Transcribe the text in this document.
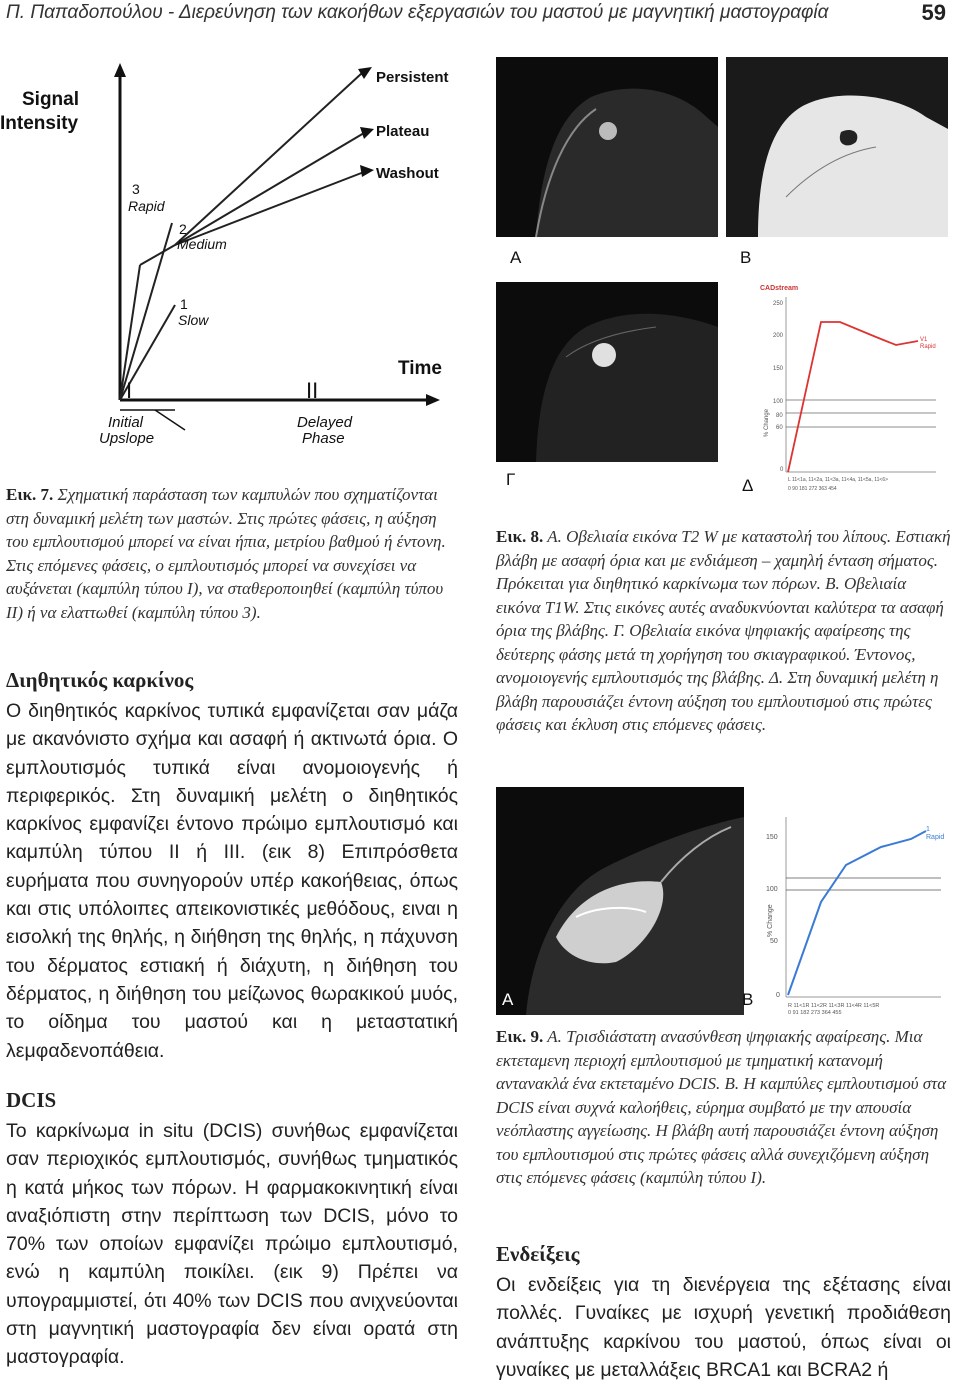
Π. Παπαδοπούλου - Διερεύνηση των κακοήθων εξεργασιών του μαστού με μαγνητική μαστογραφία	59
Signal
Intensity
Time
Persistent
Plateau
Washout
3
Rapid
2
Medium
1
Slow
I	II
Initial
Upslope
Delayed
Phase
Α	Β
CADstream
250
200
150
100
80
60
0
% Change
V1
Rapid
L 11<1a, 11<2a, 11<3a, 11<4a, 11<5a, 11<6>
0 90 181 272 363 454
Γ	Δ
Α
150
100
50
0
% Change
1
Rapid
R 11<1R 11<2R 11<3R 11<4R 11<5R
0 91 182 273 364 455
Β
Εικ. 7. Σχηματική παράσταση των καμπυλών που σχηματίζονται στη δυναμική μελέτη των μαστών. Στις πρώτες φάσεις, η αύξηση του εμπλουτισμού μπορεί να είναι ήπια, μετρίου βαθμού ή έντονη. Στις επόμενες φάσεις, ο εμπλουτισμός μπορεί να συνεχίσει να αυξάνεται (καμπύλη τύπου Ι), να σταθεροποιηθεί (καμπύλη τύπου ΙΙ) ή να ελαττωθεί (καμπύλη τύπου 3).
Εικ. 8. Α. Οβελιαία εικόνα T2 W με καταστολή του λίπους. Εστιακή βλάβη με ασαφή όρια και με ενδιάμεση – χαμηλή ένταση σήματος. Πρόκειται για διηθητικό καρκίνωμα των πόρων. Β. Οβελιαία εικόνα T1W. Στις εικόνες αυτές αναδυκνύονται καλύτερα τα ασαφή όρια της βλάβης. Γ. Οβελιαία εικόνα ψηφιακής αφαίρεσης της δεύτερης φάσης μετά τη χορήγηση του σκιαγραφικού. Έντονος, ανομοιογενής εμπλουτισμός της βλάβης. Δ. Στη δυναμική μελέτη η βλάβη παρουσιάζει έντονη αύξηση του εμπλουτισμού στις πρώτες φάσεις και έκλυση στις επόμενες φάσεις.
Εικ. 9. Α. Τρισδιάστατη ανασύνθεση ψηφιακής αφαίρεσης. Μια εκτεταμενη περιοχή εμπλουτισμού με τμηματική κατανομή αντανακλά ένα εκτεταμένο DCIS. Β. Η καμπύλες εμπλουτισμού στα DCIS είναι συχνά καλοήθεις, εύρημα συμβατό με την απουσία νεόπλαστης αγγείωσης. Η βλάβη αυτή παρουσιάζει έντονη αύξηση του εμπλουτισμού στις πρώτες φάσεις αλλά συνεχιζόμενη αύξηση στις επόμενες φάσεις (καμπύλη τύπου Ι).
Διηθητικός καρκίνος

Ο διηθητικός καρκίνος τυπικά εμφανίζεται σαν μάζα με ακανόνιστο σχήμα και ασαφή ή ακτινωτά όρια. Ο εμπλουτισμός τυπικά είναι ανομοιογενής ή περιφερικός. Στη δυναμική μελέτη ο διηθητικός καρκίνος εμφανίζει έντονο πρώιμο εμπλουτισμό και καμπύλη τύπου ΙΙ ή ΙΙΙ. (εικ 8) Επιπρόσθετα ευρήματα που συνηγορούν υπέρ κακοήθειας, όπως και στις υπόλοιπες απεικονιστικές μεθόδους, ειναι η εισολκή της θηλής, η διήθηση της θηλής, η πάχυνση του δέρματος εστιακή ή διάχυτη, η διήθηση του δέρματος, η διήθηση του μείζωνος θωρακικού μυός, το οίδημα του μαστού και η μεταστατική λεμφαδενοπάθεια.

DCIS

Το καρκίνωμα in situ (DCIS) συνήθως εμφανίζεται σαν περιοχικός εμπλουτισμός, συνήθως τμηματικός η κατά μήκος των πόρων. Η φαρμακοκινητική είναι αναξιόπιστη στην περίπτωση των DCIS, μόνο το 70% των οποίων εμφανίζει πρώιμο εμπλουτισμό, ενώ η καμπύλη ποικίλει. (εικ 9) Πρέπει να υπογραμμιστεί, ότι 40% των DCIS που ανιχνεύονται στη μαγνητική μαστογραφία δεν είναι ορατά στη μαστογραφία.

Ενδείξεις

Οι ενδείξεις για τη διενέργεια της εξέτασης είναι πολλές. Γυναίκες με ισχυρή γενετική προδιάθεση ανάπτυξης καρκίνου του μαστού, όπως είναι οι γυναίκες με μεταλλάξεις BRCA1 και BCRA2 ή
